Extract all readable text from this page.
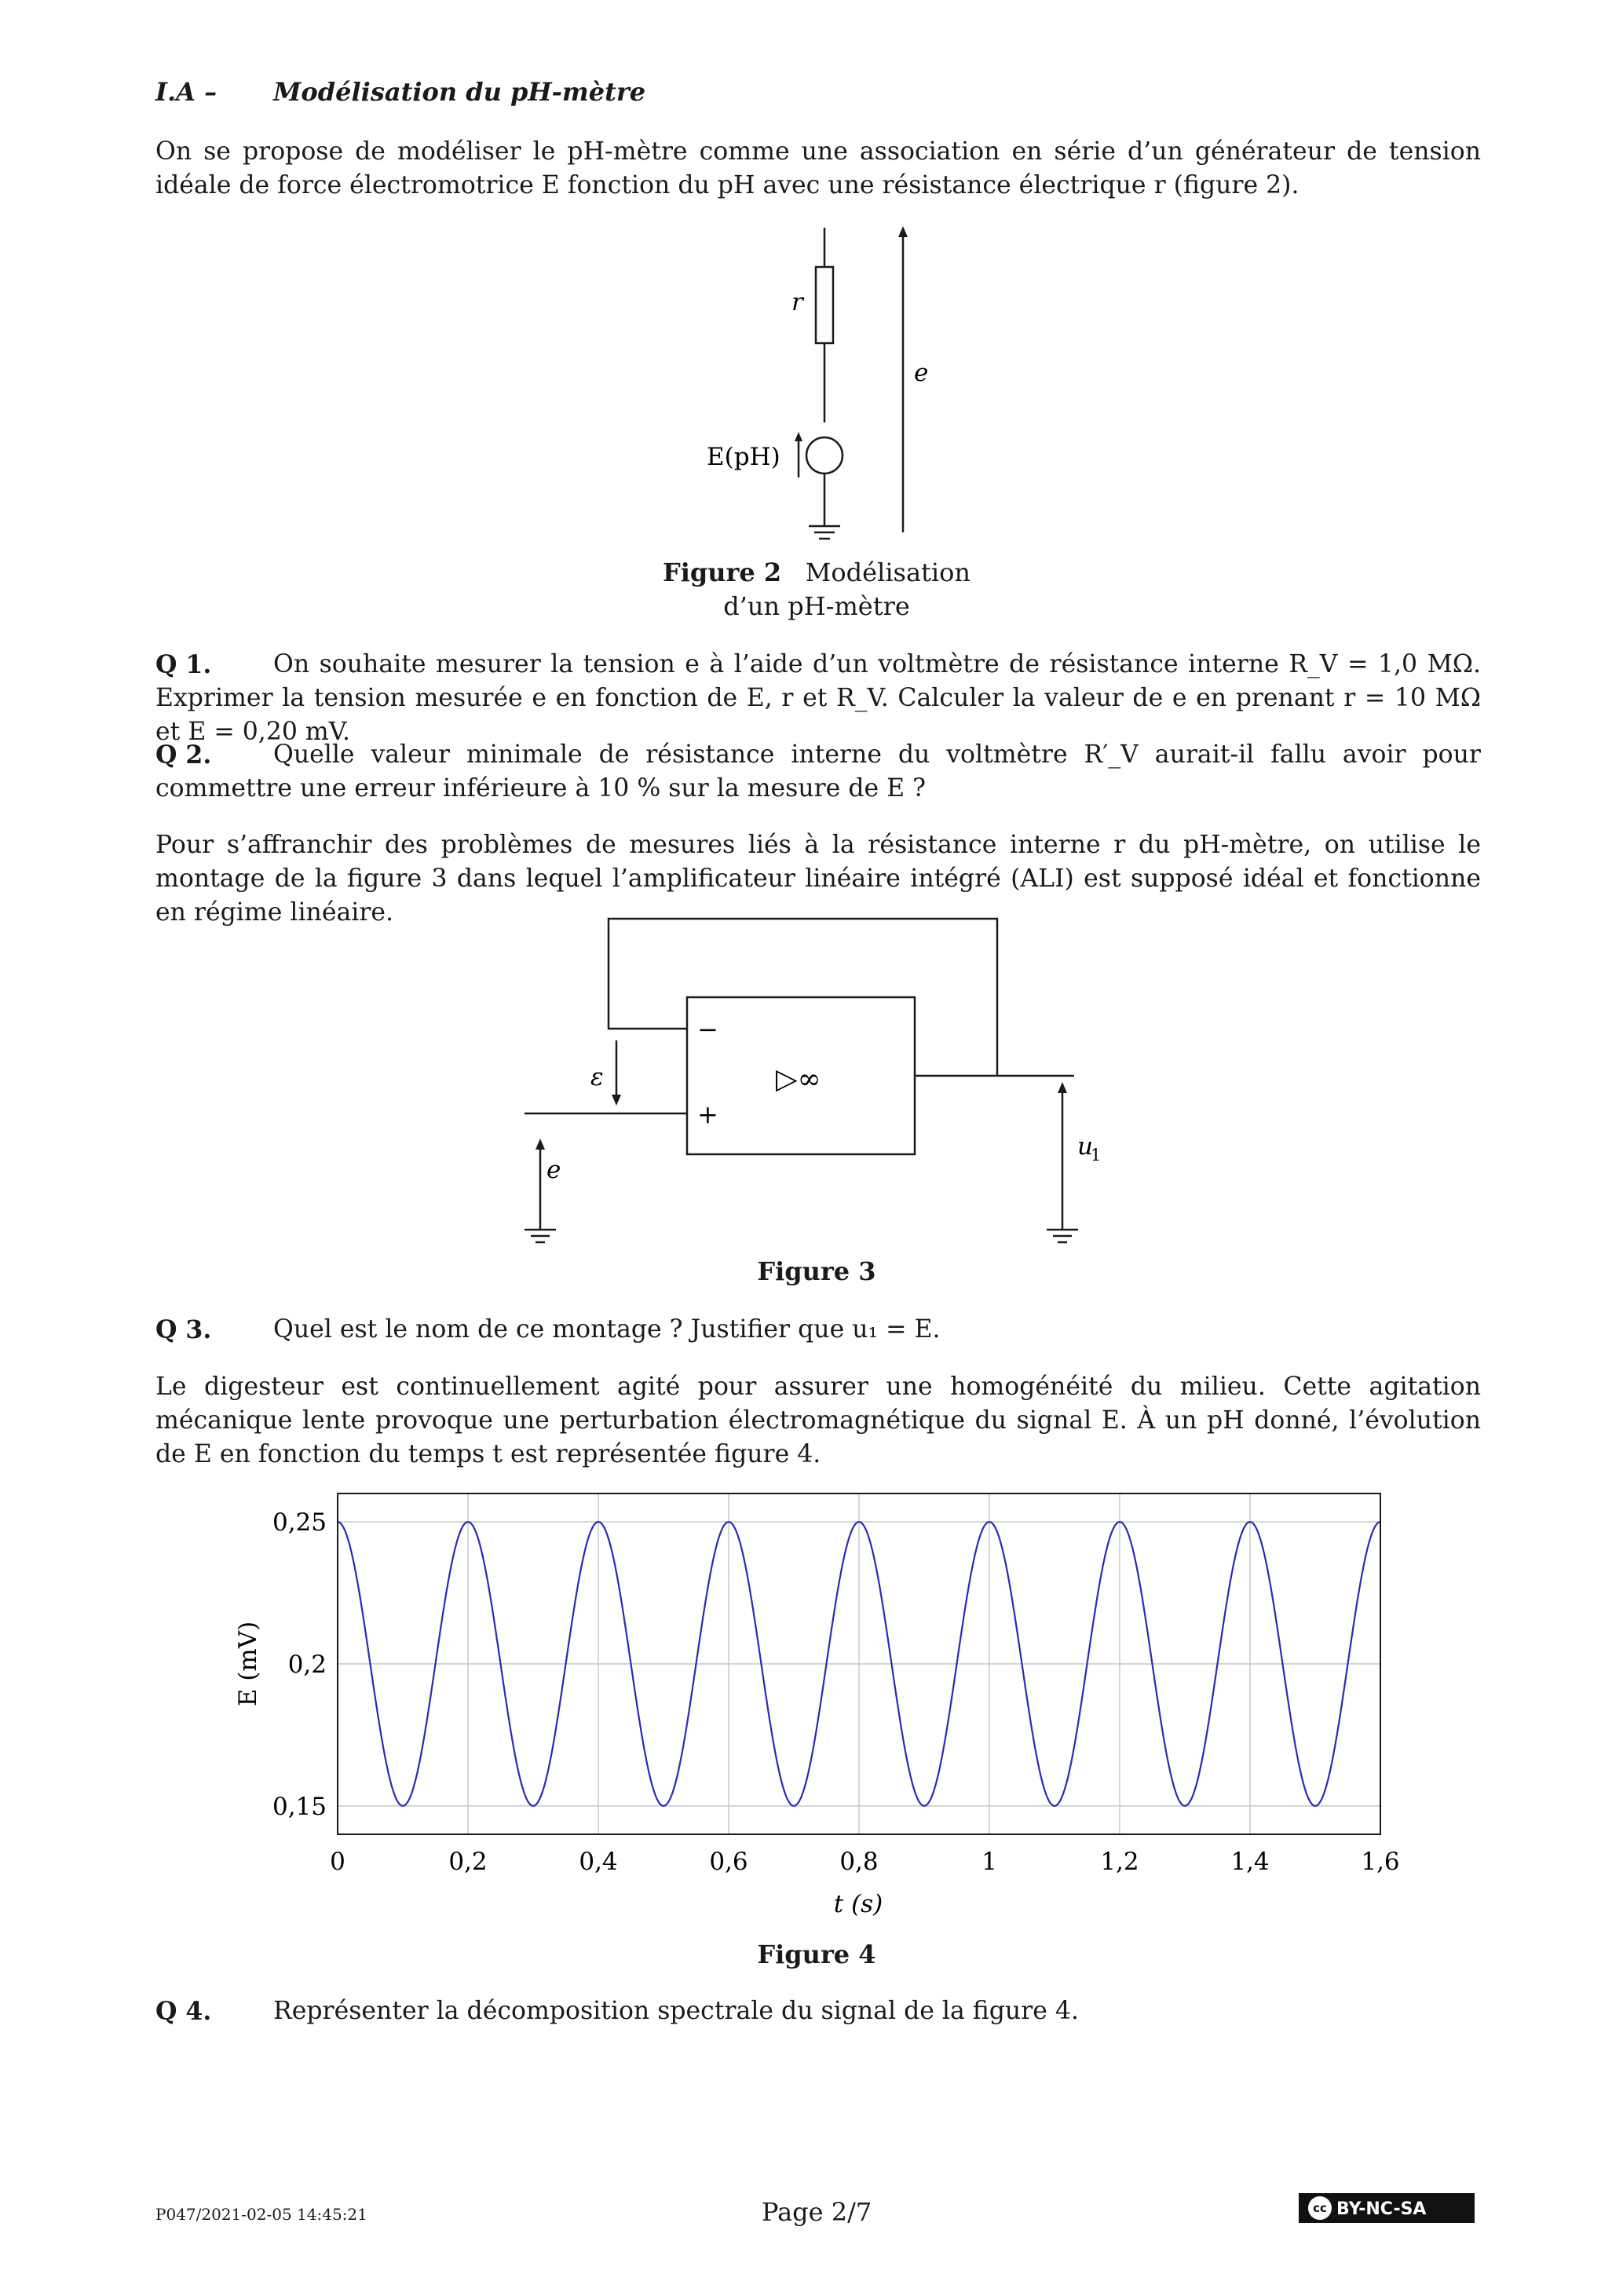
I.A – Modélisation du pH-mètre
On se propose de modéliser le pH-mètre comme une association en série d’un générateur de tension idéale de force électromotrice E fonction du pH avec une résistance électrique r (figure 2).
r
e
E(pH)
Figure 2 Modélisation
d’un pH-mètre
Q 1.	On souhaite mesurer la tension e à l’aide d’un voltmètre de résistance interne R_V = 1,0 MΩ. Exprimer la tension mesurée e en fonction de E, r et R_V. Calculer la valeur de e en prenant r = 10 MΩ et E = 0,20 mV.
Q 2.	Quelle valeur minimale de résistance interne du voltmètre R′_V aurait-il fallu avoir pour commettre une erreur inférieure à 10 % sur la mesure de E ?
Pour s’affranchir des problèmes de mesures liés à la résistance interne r du pH-mètre, on utilise le montage de la figure 3 dans lequel l’amplificateur linéaire intégré (ALI) est supposé idéal et fonctionne en régime linéaire.
−
+
▷∞
ε
e
u
1
Figure 3
Q 3.	Quel est le nom de ce montage ? Justifier que u₁ = E.
Le digesteur est continuellement agité pour assurer une homogénéité du milieu. Cette agitation mécanique lente provoque une perturbation électromagnétique du signal E. À un pH donné, l’évolution de E en fonction du temps t est représentée figure 4.
0	0,2	0,4	0,6	0,8	1	1,2	1,4	1,6
0,15
0,2
0,25
t (s)
E (mV)
Figure 4
Q 4.	Représenter la décomposition spectrale du signal de la figure 4.
P047/2021-02-05 14:45:21	Page 2/7	cc BY-NC-SA
